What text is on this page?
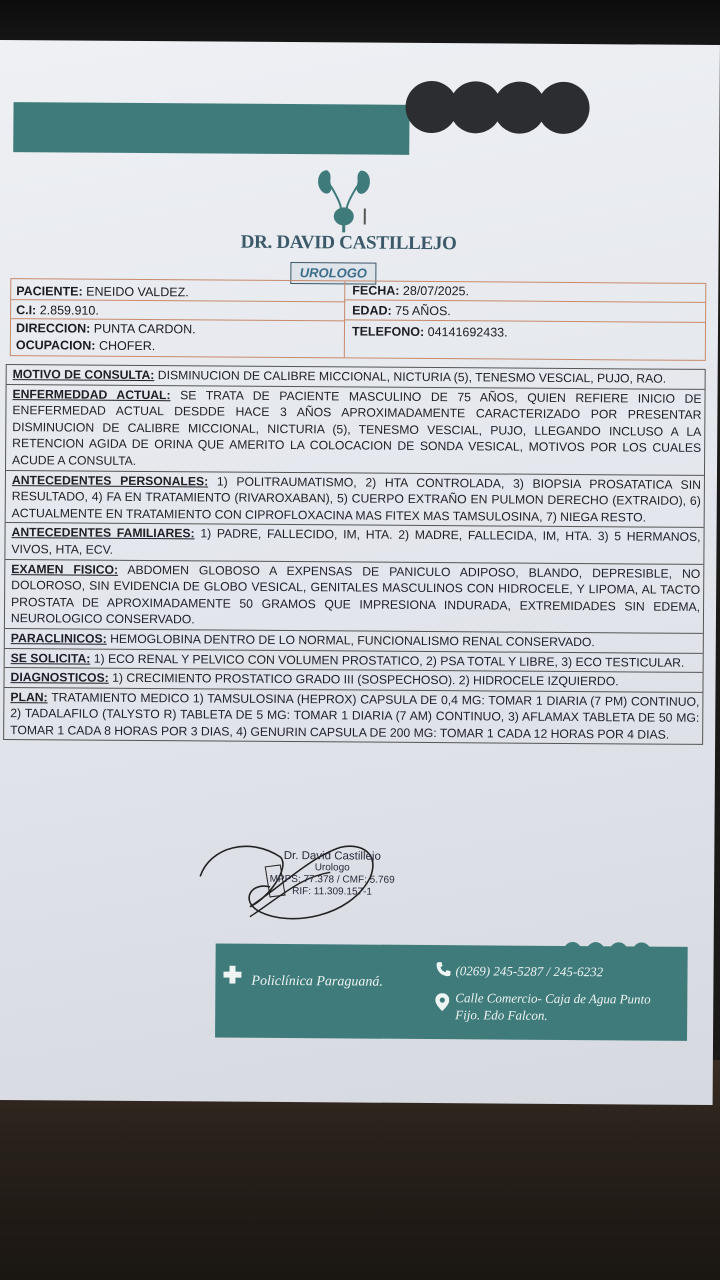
DR. DAVID CASTILLEJO
UROLOGO
PACIENTE: ENEIDO VALDEZ.
C.I: 2.859.910.
DIRECCION: PUNTA CARDON.
OCUPACION: CHOFER.
FECHA: 28/07/2025.
EDAD: 75 AÑOS.
TELEFONO: 04141692433.
MOTIVO DE CONSULTA: DISMINUCION DE CALIBRE MICCIONAL, NICTURIA (5), TENESMO VESCIAL, PUJO, RAO.
ENFERMEDDAD ACTUAL: SE TRATA DE PACIENTE MASCULINO DE 75 AÑOS, QUIEN REFIERE INICIO DE ENEFERMEDAD ACTUAL DESDDE HACE 3 AÑOS APROXIMADAMENTE CARACTERIZADO POR PRESENTAR DISMINUCION DE CALIBRE MICCIONAL, NICTURIA (5), TENESMO VESCIAL, PUJO, LLEGANDO INCLUSO A LA RETENCION AGIDA DE ORINA QUE AMERITO LA COLOCACION DE SONDA VESICAL, MOTIVOS POR LOS CUALES ACUDE A CONSULTA.
ANTECEDENTES PERSONALES: 1) POLITRAUMATISMO, 2) HTA CONTROLADA, 3) BIOPSIA PROSATATICA SIN RESULTADO, 4) FA EN TRATAMIENTO (RIVAROXABAN), 5) CUERPO EXTRAÑO EN PULMON DERECHO (EXTRAIDO), 6) ACTUALMENTE EN TRATAMIENTO CON CIPROFLOXACINA MAS FITEX MAS TAMSULOSINA, 7) NIEGA RESTO.
ANTECEDENTES FAMILIARES: 1) PADRE, FALLECIDO, IM, HTA. 2) MADRE, FALLECIDA, IM, HTA. 3) 5 HERMANOS, VIVOS, HTA, ECV.
EXAMEN FISICO: ABDOMEN GLOBOSO A EXPENSAS DE PANICULO ADIPOSO, BLANDO, DEPRESIBLE, NO DOLOROSO, SIN EVIDENCIA DE GLOBO VESICAL, GENITALES MASCULINOS CON HIDROCELE, Y LIPOMA, AL TACTO PROSTATA DE APROXIMADAMENTE 50 GRAMOS QUE IMPRESIONA INDURADA, EXTREMIDADES SIN EDEMA, NEUROLOGICO CONSERVADO.
PARACLINICOS: HEMOGLOBINA DENTRO DE LO NORMAL, FUNCIONALISMO RENAL CONSERVADO.
SE SOLICITA: 1) ECO RENAL Y PELVICO CON VOLUMEN PROSTATICO, 2) PSA TOTAL Y LIBRE, 3) ECO TESTICULAR.
DIAGNOSTICOS: 1) CRECIMIENTO PROSTATICO GRADO III (SOSPECHOSO). 2) HIDROCELE IZQUIERDO.
PLAN: TRATAMIENTO MEDICO 1) TAMSULOSINA (HEPROX) CAPSULA DE 0,4 MG: TOMAR 1 DIARIA (7 PM) CONTINUO, 2) TADALAFILO (TALYSTO R) TABLETA DE 5 MG: TOMAR 1 DIARIA (7 AM) CONTINUO, 3) AFLAMAX TABLETA DE 50 MG: TOMAR 1 CADA 8 HORAS POR 3 DIAS, 4) GENURIN CAPSULA DE 200 MG: TOMAR 1 CADA 12 HORAS POR 4 DIAS.
Dr. David Castillejo
Urologo
MPPS: 77.378 / CMF: 5.769
RIF: 11.309.157-1
Policlínica Paraguaná.
(0269) 245-5287 / 245-6232
Calle Comercio- Caja de Agua Punto Fijo. Edo Falcon.
